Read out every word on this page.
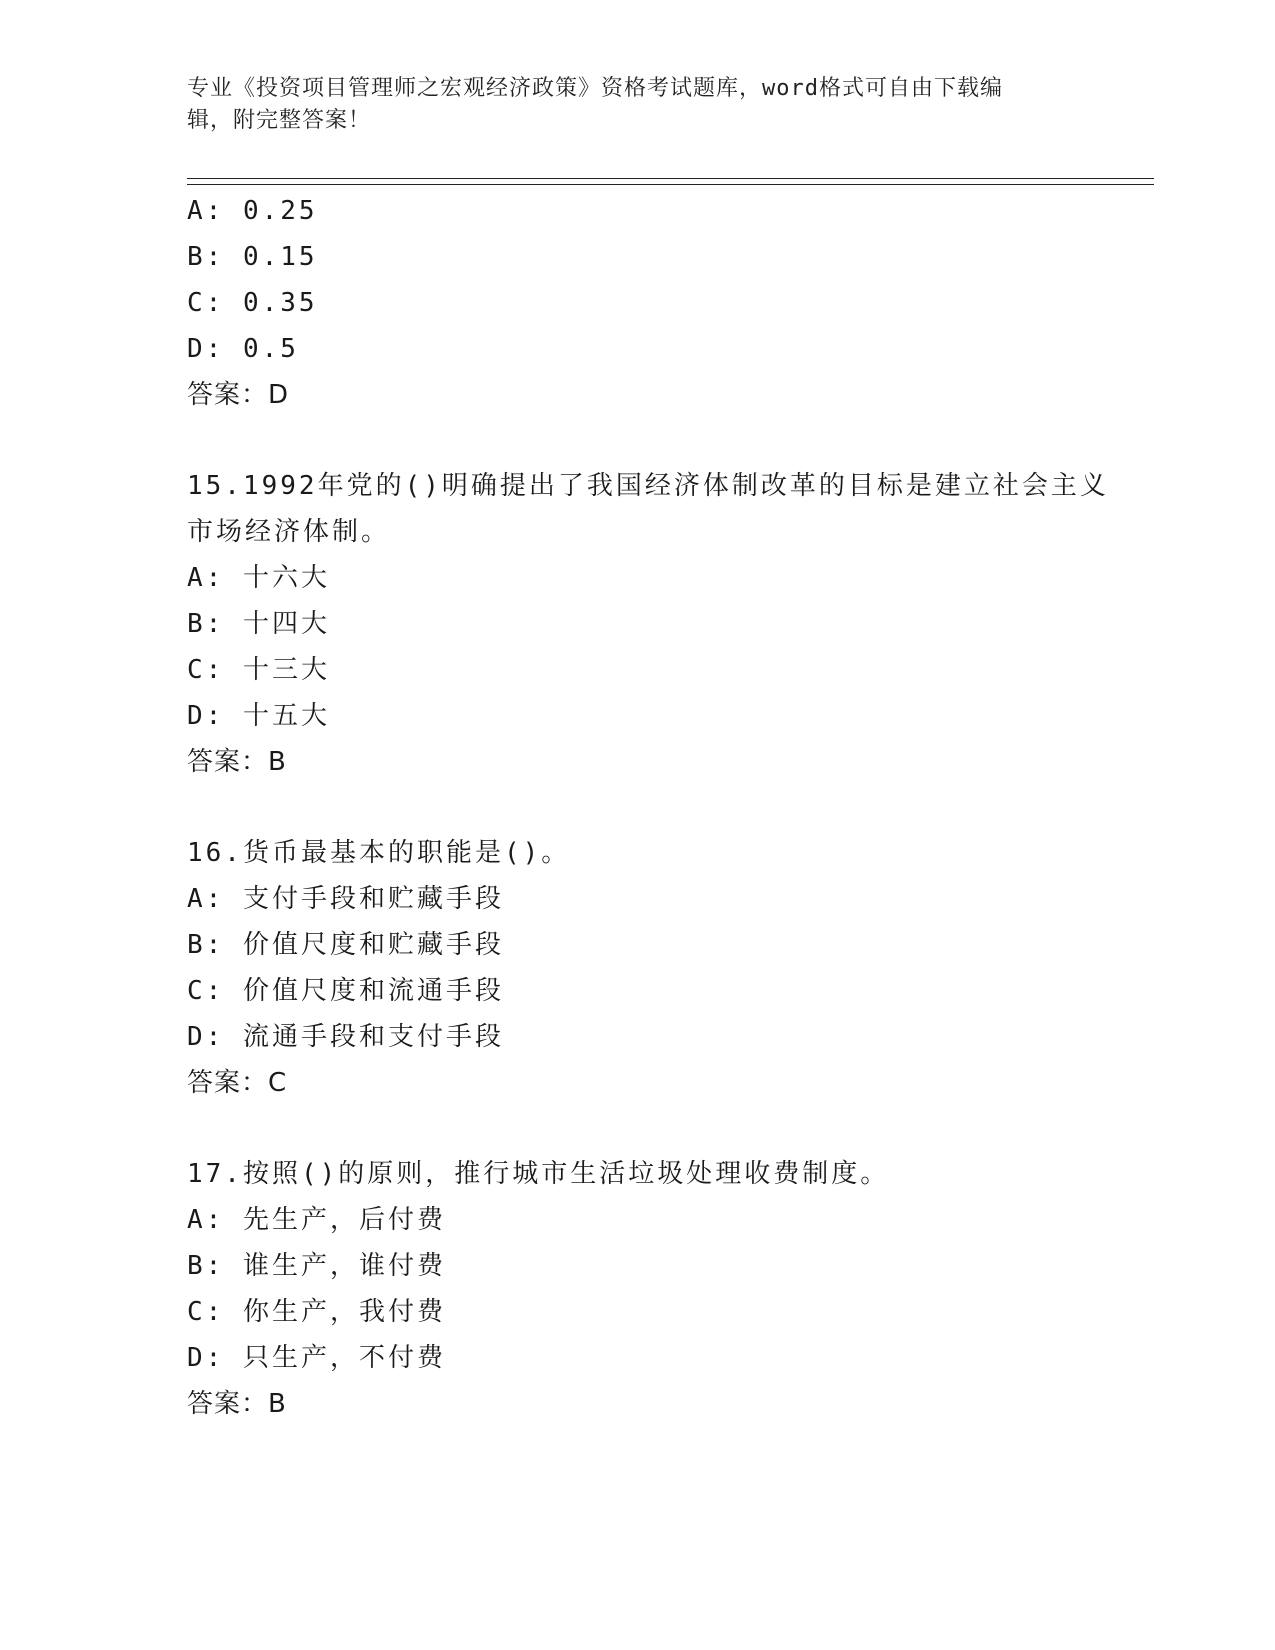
专业《投资项目管理师之宏观经济政策》资格考试题库，word格式可自由下载编
辑，附完整答案！
A: 0.25
B: 0.15
C: 0.35
D: 0.5
答案：D
15.1992年党的()明确提出了我国经济体制改革的目标是建立社会主义
市场经济体制。
A: 十六大
B: 十四大
C: 十三大
D: 十五大
答案：B
16.货币最基本的职能是()。
A: 支付手段和贮藏手段
B: 价值尺度和贮藏手段
C: 价值尺度和流通手段
D: 流通手段和支付手段
答案：C
17.按照()的原则，推行城市生活垃圾处理收费制度。
A: 先生产，后付费
B: 谁生产，谁付费
C: 你生产，我付费
D: 只生产，不付费
答案：B
